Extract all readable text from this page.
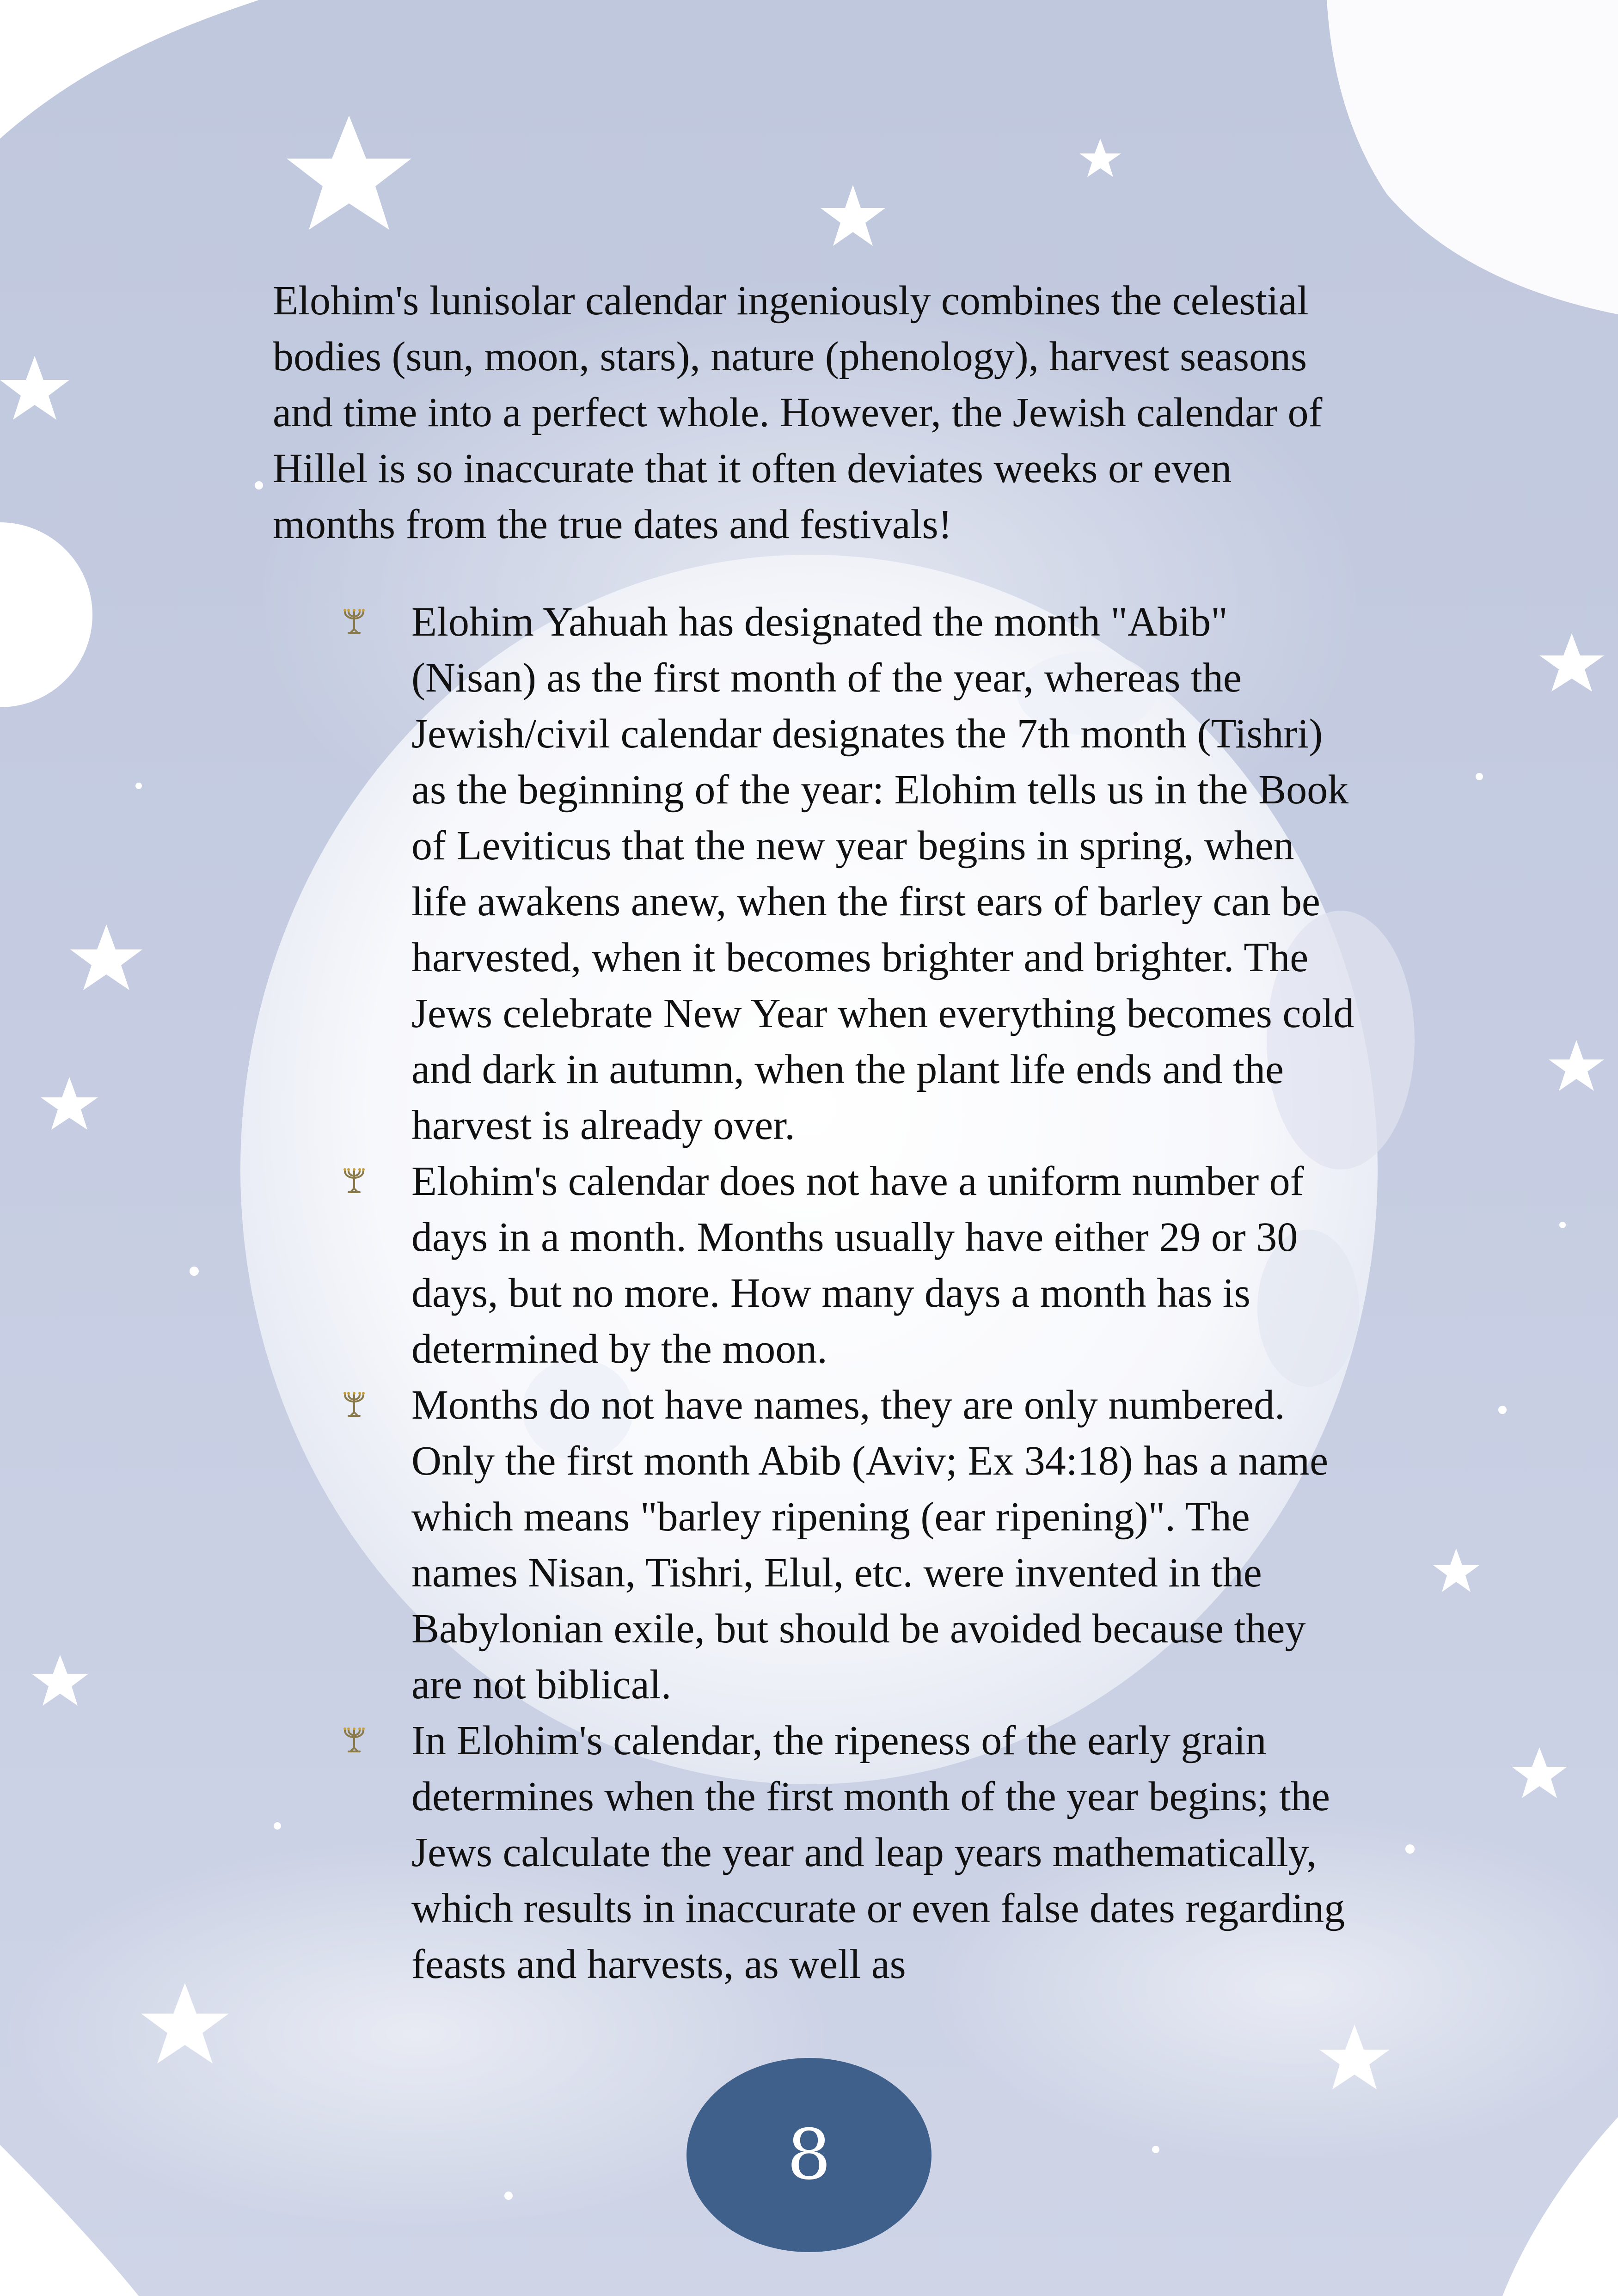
Elohim's lunisolar calendar ingeniously combines the celestial bodies (sun, moon, stars), nature (phenology), harvest seasons and time into a perfect whole. However, the Jewish calendar of Hillel is so inaccurate that it often deviates weeks or even months from the true dates and festivals!

Elohim Yahuah has designated the month "Abib" (Nisan) as the first month of the year, whereas the Jewish/civil calendar designates the 7th month (Tishri) as the beginning of the year: Elohim tells us in the Book of Leviticus that the new year begins in spring, when life awakens anew, when the first ears of barley can be harvested, when it becomes brighter and brighter. The Jews celebrate New Year when everything becomes cold and dark in autumn, when the plant life ends and the harvest is already over.
Elohim's calendar does not have a uniform number of days in a month. Months usually have either 29 or 30 days, but no more. How many days a month has is determined by the moon.
Months do not have names, they are only numbered. Only the first month Abib (Aviv; Ex 34:18) has a name which means "barley ripening (ear ripening)". The names Nisan, Tishri, Elul, etc. were invented in the Babylonian exile, but should be avoided because they are not biblical.
In Elohim's calendar, the ripeness of the early grain determines when the first month of the year begins; the Jews calculate the year and leap years mathematically, which results in inaccurate or even false dates regarding feasts and harvests, as well as
8
